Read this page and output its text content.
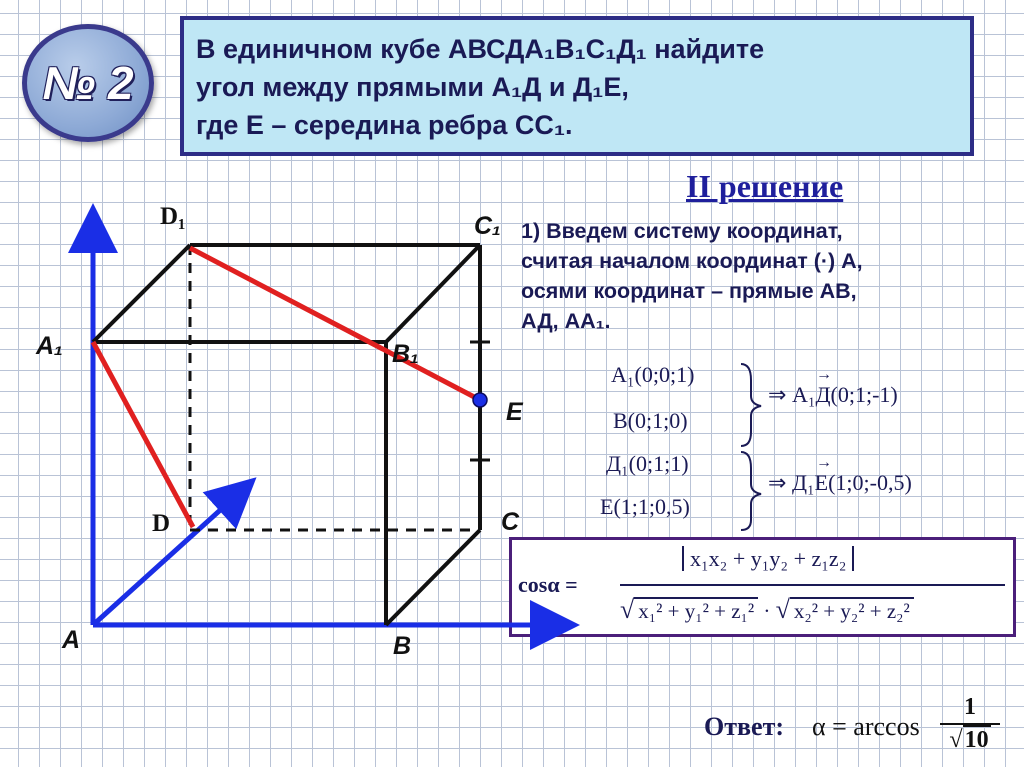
№ 2
В единичном кубе АВСДА₁В₁С₁Д₁ найдите
угол между прямыми А₁Д и Д₁Е,
где Е – середина ребра СС₁.
II решение
1) Введем систему координат,
считая началом координат (·) А,
осями координат – прямые АВ,
АД, АА₁.
А₁(0;0;1)
В(0;1;0)
Д₁(0;1;1)
Е(1;1;0,5)
⇒
→
А₁Д(0;1;-1)
⇒
→
Д₁Е(1;0;-0,5)
cosα =
x₁x₂ + y₁y₂ + z₁z₂
√ x₁² + y₁² + z₁² · √ x₂² + y₂² + z₂²
Ответ: α = arccos
1
√10
D₁	C₁
A₁	B₁
E
D	C
A	B
